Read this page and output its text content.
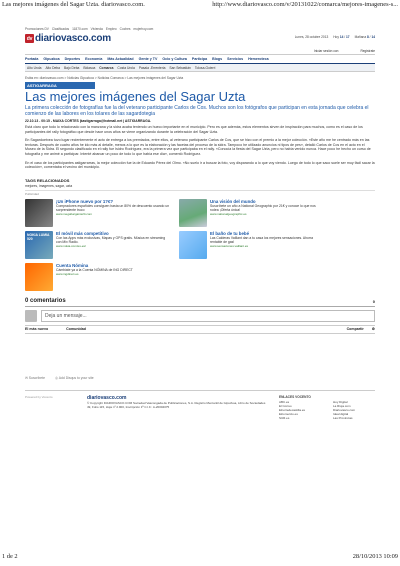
Las mejores imágenes del Sagar Uzta. diariovasco.com.	http://www.diariovasco.com/v/20131022/comarca/mejores-imagenes-s...
Promociones DV Clasificados 11870.com Vivienda Empleo Coches mujerhoy.com
dv diariovasco.com	Lunes, 28 octubre 2013 Hoy 14 / 17 Mañana 8 / 14
Iniciar sesión con	Registrate
Portada Gipuzkoa Deportes Economía Más Actualidad Gente y TV Ocio y Cultura Participa Blogs Servicios Hemeroteca
Alto Urola Alto Deba Bajo Deba Bidasoa Comarca Costa Urola Pasaia -Errenteria San Sebastián Tolosa-Goierri
Estás en: diariovasco.com > Noticias Gipuzkoa > Noticias Comarca > Las mejores imágenes del Sagar Uzta
ASTIGARRAGA
Las mejores imágenes del Sagar Uzta
La primera colección de fotografías fue la del veterano participante Carlos de Cos. Muchos son los fotógrafos que participan en esta jornada que celebra el comienzo de las labores en los tolares de las sagardotegia
22.10.13 - 00:15 - MAIXA CORTES |kastigarraga@hotmail.net | ASTIGARRAGA.

Está claro que todo lo relacionado con la manzana y la sidra acaba teniendo un hueco importante en el municipio. Pero es que además, estos elementos sirven de inspiración para muchos, como es el caso de los participantes del rally fotográfico que desde hace unos años se viene organizando durante la celebración del Sagar Uzta.

En Sagardoetxea tuvo lugar recientemente el acto de entrega a los premiados, entre ellos, al veterano participante Carlos de Cos, que se hizo con el premio a la mejor colección. «Este año me he centrado más en las texturas. Después de cuatro años he ido más al detalle, menos a lo que es la elaboración y las facetas del proceso de la sidra. Tampoco he utilizado anuncios ni tipos de pes», detalló Carlos de Cos en el acto en el Museo de la Sidra. El segundo clasificado en el rally fue Isidro Rodríguez, era la primera vez que participaba en el rally. «Conocía la fiesta del Sagar Uzta, pero no había venido nunca. Hace poco he hecho un curso de fotografía y me animé a participar. Intenté abarcar un poco de todo lo que había ese día», comentó Rodríguez.

En el caso de los participantes astigarrarras, la mejor colección fue la de Eduardo Pérez del Olmo. «No suelo ir a buscar la foto, voy disparando a lo que voy viendo. Luego de todo lo que saco suele ser muy fácil sacar la colección», comentaba el vecino del municipio.

TAGS RELACIONADOS
mejores, imagenes, sagar, uzta
Publicidad
¡Un iPhone nuevo por 1?€?
Compradores españoles consiguen hasta un 80% de descuento usando un sorprendente truco
www.megabargains24.com
Una visión del mundo
Suscríbete un año a National Geographic por 21€ y conoce lo que nos rodea ¡Oferta única!
www.nationalgeographic.es
NOKIA LUMIA 520
El móvil más competitivo
Con las Apps más exclusivas, Mapas y GPS gratis. Música en streaming con Mix Radio.
www.nokia.com/es-es/
El baño de tu bebé
Las Calderas Vaillant dan a tu casa los mejores sensaciones. Ahorra rentable de gas!
www.sensaciones.vaillant.es
Cuenta Nómina
Cámbiate ya a la Cuenta NÓMINA de ING DIRECT
www.ingdirect.es
0 comentarios	0
Deja un mensaje...
El más nuevo	Comunidad	Compartir ⚙
✉ Suscríbete	◎ Add Disqus to your site
Powered by Vocento	diariovasco.com
© Copyright DIARIOVASCO.COM Sociedad Vascongada de Publicaciones, S.A. Registro Mercantil de Gipuzkoa, Libro de Sociedades 49, Folio 115, Hoja nº 2.900, Inscripción 1ª C.I.F.: A-20004075
ENLACES VOCENTO
ABC.es
El Correo
Elnortedecastilla.es
Elcomercio.es
SUR.es
Hoy Digital
La Rioja.com
Diariovasco.com
Ideal digital
Las Provincias
1 de 2	28/10/2013 10:09
